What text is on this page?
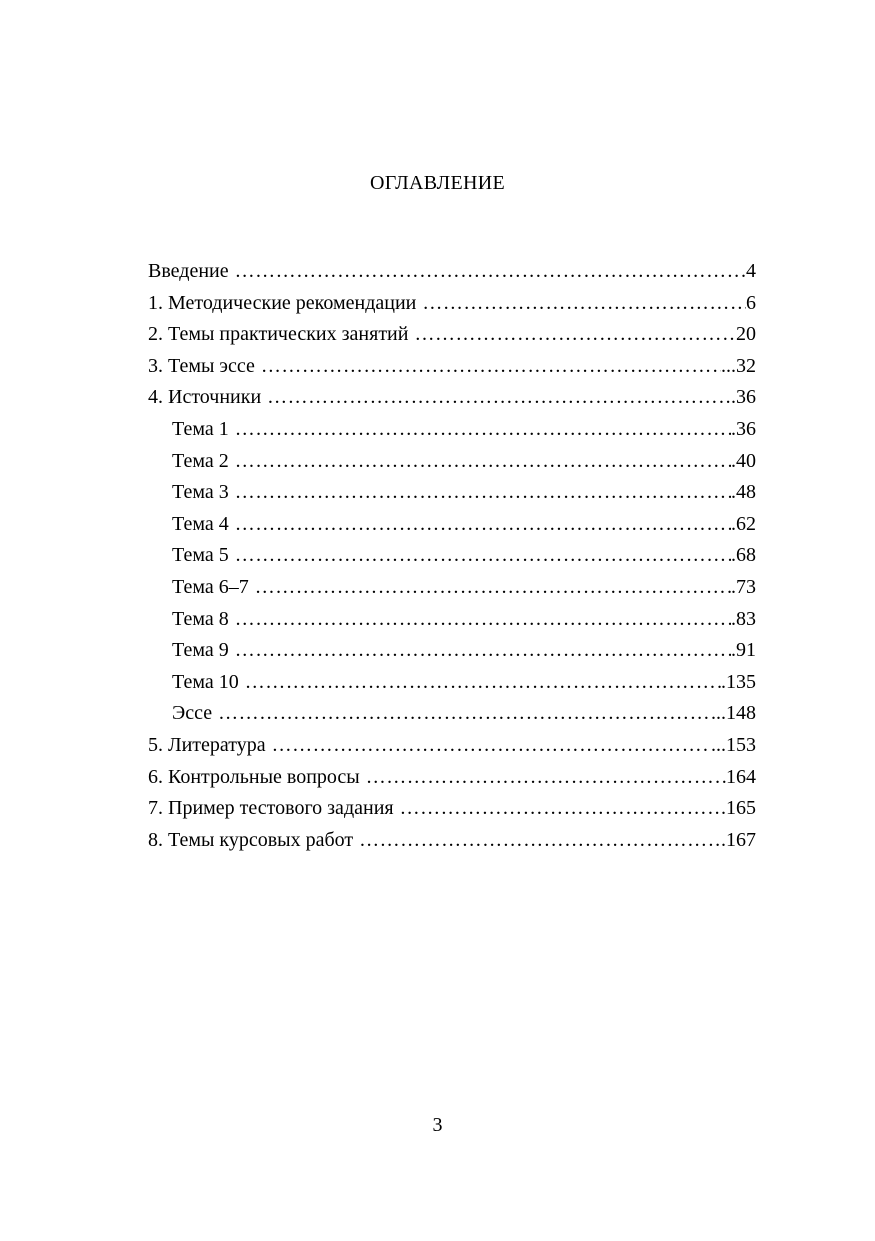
ОГЛАВЛЕНИЕ
Введение ………………………………………………………………………………………………………………………………………………	.4
1. Методические рекомендации ………………………………………………………………………………………………………………………………………………	6
2. Темы практических занятий ………………………………………………………………………………………………………………………………………………	20
3. Темы эссе ………………………………………………………………………………………………………………………………………………	...32
4. Источники ………………………………………………………………………………………………………………………………………………	.36
Тема 1 ………………………………………………………………………………………………………………………………………………	.36
Тема 2 ………………………………………………………………………………………………………………………………………………	.40
Тема 3 ………………………………………………………………………………………………………………………………………………	.48
Тема 4 ………………………………………………………………………………………………………………………………………………	.62
Тема 5 ………………………………………………………………………………………………………………………………………………	.68
Тема 6–7 ………………………………………………………………………………………………………………………………………………	.73
Тема 8 ………………………………………………………………………………………………………………………………………………	.83
Тема 9 ………………………………………………………………………………………………………………………………………………	.91
Тема 10 ………………………………………………………………………………………………………………………………………………	.135
Эссе ………………………………………………………………………………………………………………………………………………	...148
5. Литература ………………………………………………………………………………………………………………………………………………	...153
6. Контрольные вопросы ………………………………………………………………………………………………………………………………………………	164
7. Пример тестового задания ………………………………………………………………………………………………………………………………………………	.165
8. Темы курсовых работ ………………………………………………………………………………………………………………………………………………	.167
3
